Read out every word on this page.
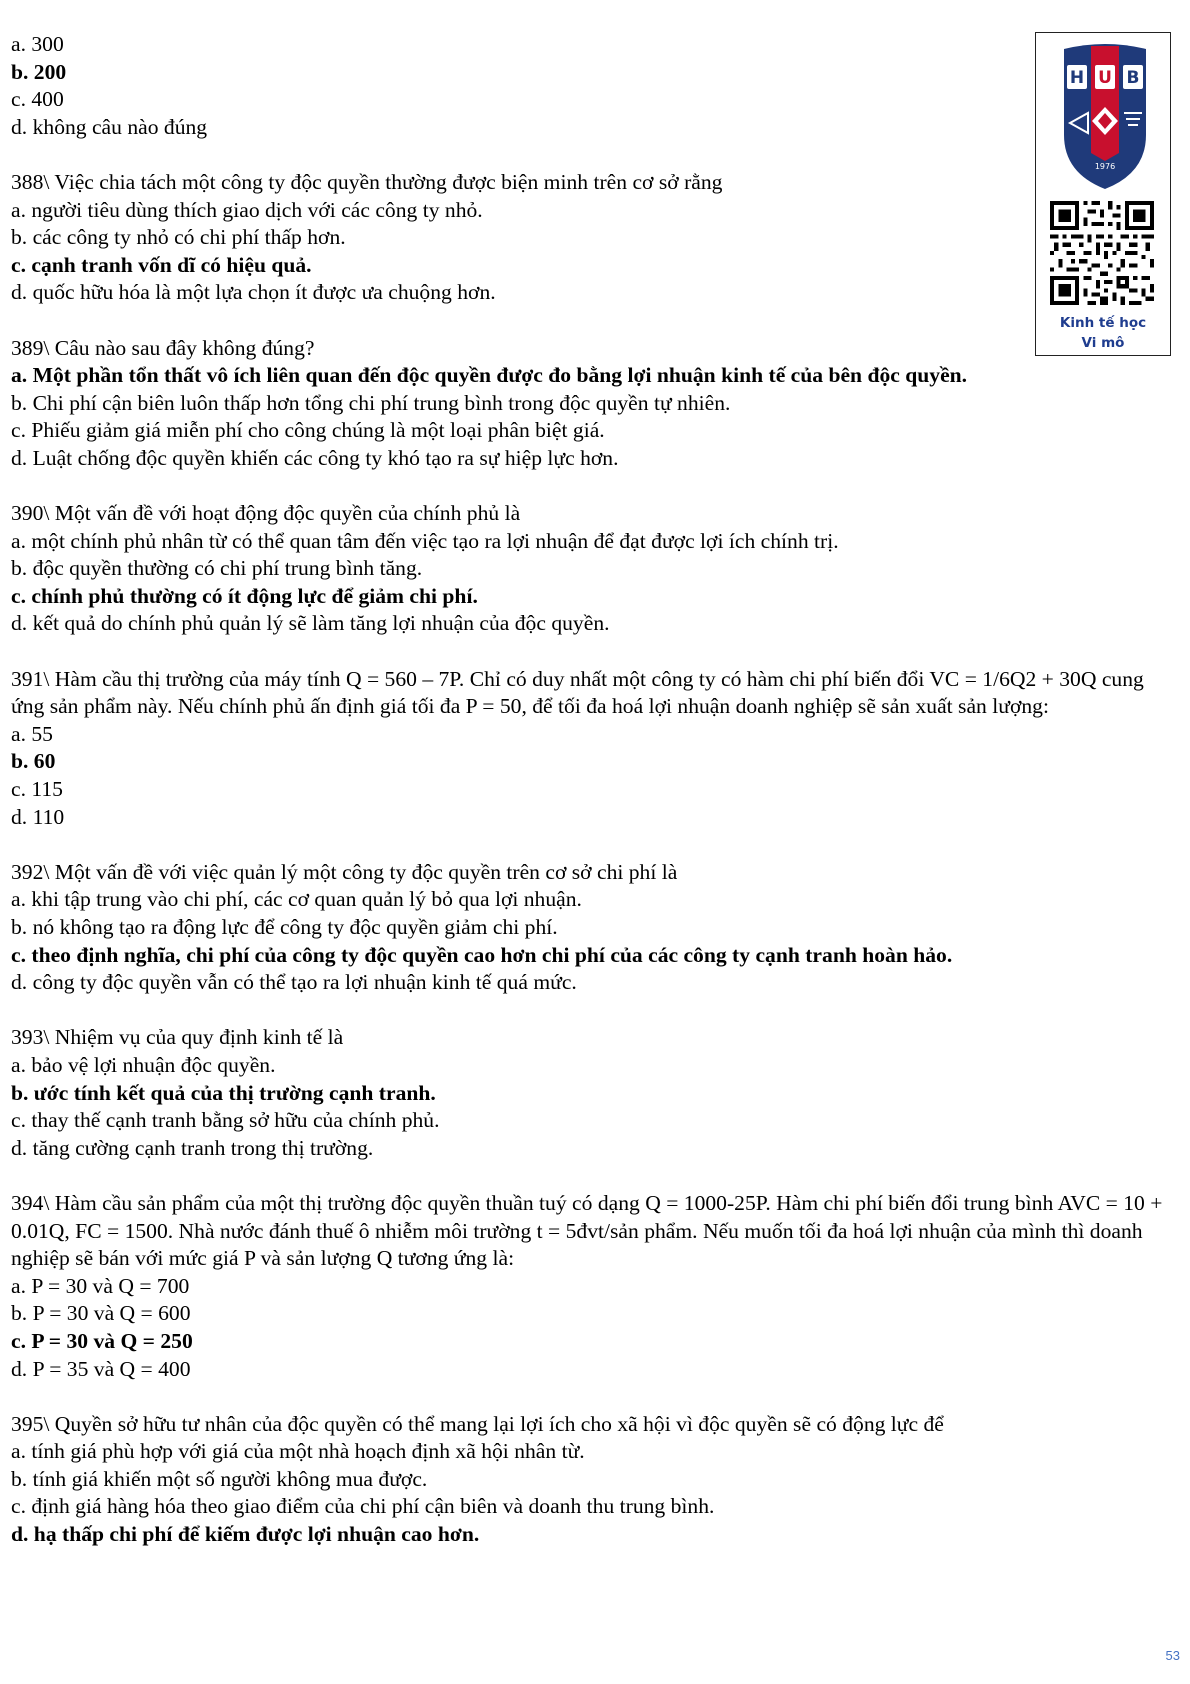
a. 300
b. 200
c. 400
d. không câu nào đúng
388\ Việc chia tách một công ty độc quyền thường được biện minh trên cơ sở rằng
a. người tiêu dùng thích giao dịch với các công ty nhỏ.
b. các công ty nhỏ có chi phí thấp hơn.
c. cạnh tranh vốn dĩ có hiệu quả.
d. quốc hữu hóa là một lựa chọn ít được ưa chuộng hơn.
389\ Câu nào sau đây không đúng?
a. Một phần tổn thất vô ích liên quan đến độc quyền được đo bằng lợi nhuận kinh tế của bên độc quyền.
b. Chi phí cận biên luôn thấp hơn tổng chi phí trung bình trong độc quyền tự nhiên.
c. Phiếu giảm giá miễn phí cho công chúng là một loại phân biệt giá.
d. Luật chống độc quyền khiến các công ty khó tạo ra sự hiệp lực hơn.
390\ Một vấn đề với hoạt động độc quyền của chính phủ là
a. một chính phủ nhân từ có thể quan tâm đến việc tạo ra lợi nhuận để đạt được lợi ích chính trị.
b. độc quyền thường có chi phí trung bình tăng.
c. chính phủ thường có ít động lực để giảm chi phí.
d. kết quả do chính phủ quản lý sẽ làm tăng lợi nhuận của độc quyền.
391\ Hàm cầu thị trường của máy tính Q = 560 – 7P. Chỉ có duy nhất một công ty có hàm chi phí biến đổi VC = 1/6Q2 + 30Q cung ứng sản phẩm này. Nếu chính phủ ấn định giá tối đa P = 50, để tối đa hoá lợi nhuận doanh nghiệp sẽ sản xuất sản lượng:
a. 55
b. 60
c. 115
d. 110
392\ Một vấn đề với việc quản lý một công ty độc quyền trên cơ sở chi phí là
a. khi tập trung vào chi phí, các cơ quan quản lý bỏ qua lợi nhuận.
b. nó không tạo ra động lực để công ty độc quyền giảm chi phí.
c. theo định nghĩa, chi phí của công ty độc quyền cao hơn chi phí của các công ty cạnh tranh hoàn hảo.
d. công ty độc quyền vẫn có thể tạo ra lợi nhuận kinh tế quá mức.
393\ Nhiệm vụ của quy định kinh tế là
a. bảo vệ lợi nhuận độc quyền.
b. ước tính kết quả của thị trường cạnh tranh.
c. thay thế cạnh tranh bằng sở hữu của chính phủ.
d. tăng cường cạnh tranh trong thị trường.
394\ Hàm cầu sản phẩm của một thị trường độc quyền thuần tuý có dạng Q = 1000-25P. Hàm chi phí biến đổi trung bình AVC = 10 + 0.01Q, FC = 1500. Nhà nước đánh thuế ô nhiễm môi trường t = 5đvt/sản phẩm. Nếu muốn tối đa hoá lợi nhuận của mình thì doanh nghiệp sẽ bán với mức giá P và sản lượng Q tương ứng là:
a. P = 30 và Q = 700
b. P = 30 và Q = 600
c. P = 30 và Q = 250
d. P = 35 và Q = 400
395\ Quyền sở hữu tư nhân của độc quyền có thể mang lại lợi ích cho xã hội vì độc quyền sẽ có động lực để
a. tính giá phù hợp với giá của một nhà hoạch định xã hội nhân từ.
b. tính giá khiến một số người không mua được.
c. định giá hàng hóa theo giao điểm của chi phí cận biên và doanh thu trung bình.
d. hạ thấp chi phí để kiếm được lợi nhuận cao hơn.
H U B
1976
Kinh tế học
Vi mô
53
